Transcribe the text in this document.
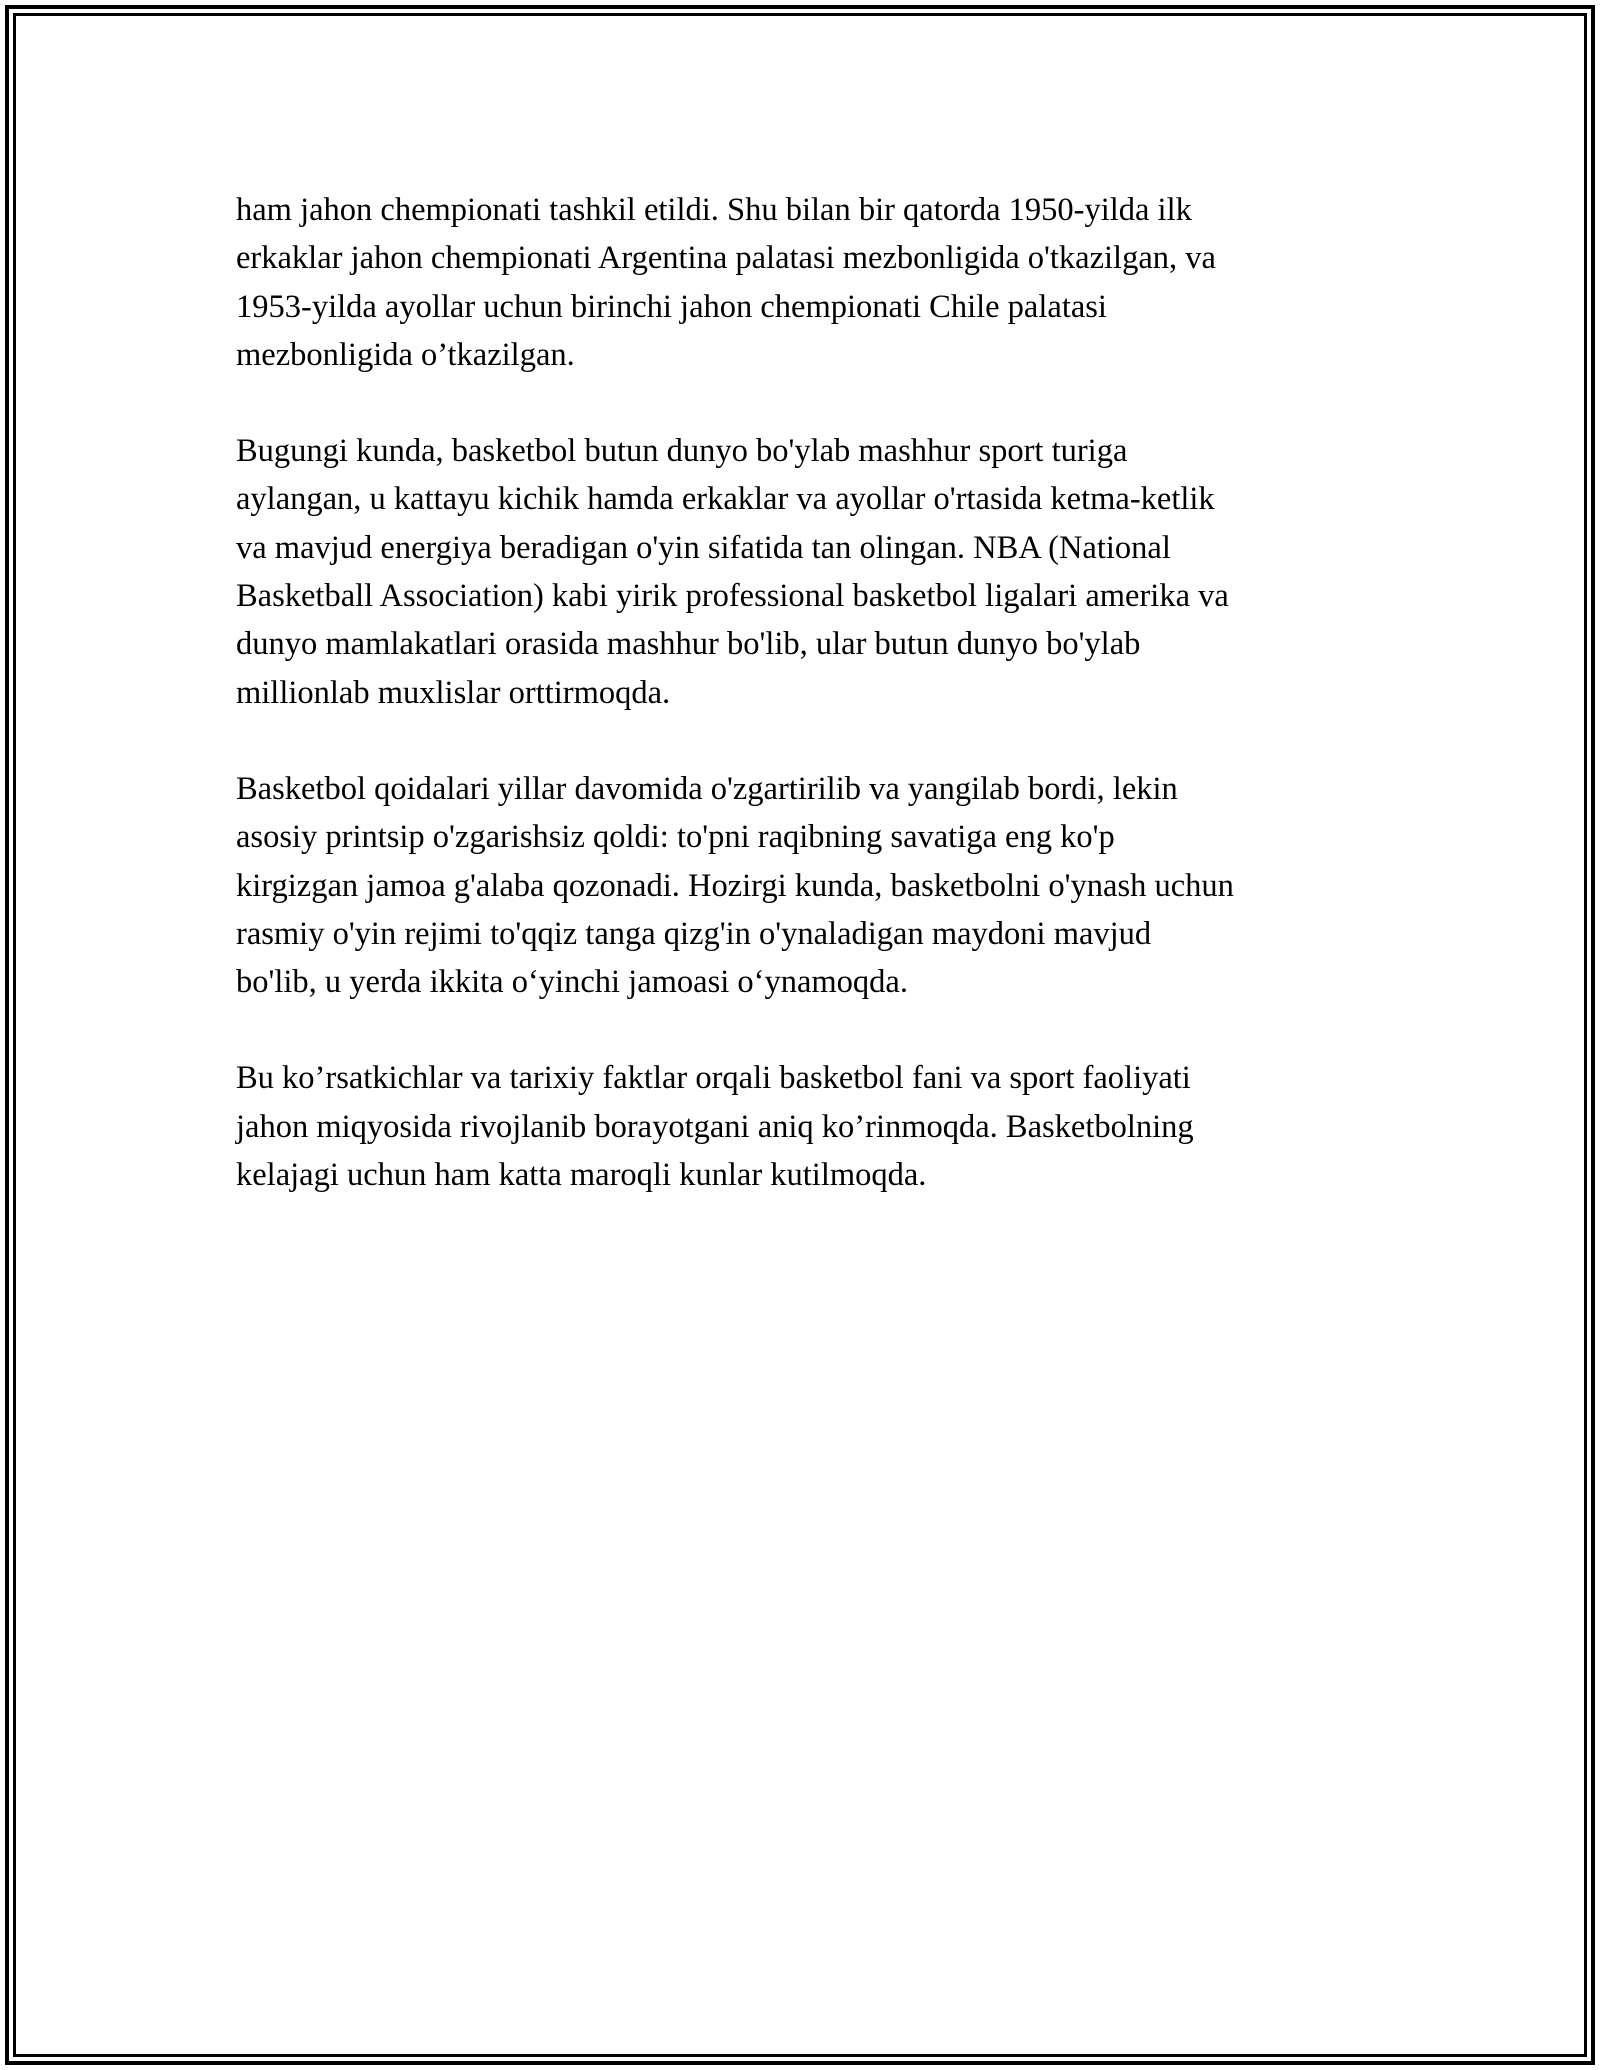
ham jahon chempionati tashkil etildi. Shu bilan bir qatorda 1950-yilda ilk
erkaklar jahon chempionati Argentina palatasi mezbonligida o'tkazilgan, va
1953-yilda ayollar uchun birinchi jahon chempionati Chile palatasi
mezbonligida o’tkazilgan.

Bugungi kunda, basketbol butun dunyo bo'ylab mashhur sport turiga
aylangan, u kattayu kichik hamda erkaklar va ayollar o'rtasida ketma-ketlik
va mavjud energiya beradigan o'yin sifatida tan olingan. NBA (National
Basketball Association) kabi yirik professional basketbol ligalari amerika va
dunyo mamlakatlari orasida mashhur bo'lib, ular butun dunyo bo'ylab
millionlab muxlislar orttirmoqda.

Basketbol qoidalari yillar davomida o'zgartirilib va yangilab bordi, lekin
asosiy printsip o'zgarishsiz qoldi: to'pni raqibning savatiga eng ko'p
kirgizgan jamoa g'alaba qozonadi. Hozirgi kunda, basketbolni o'ynash uchun
rasmiy o'yin rejimi to'qqiz tanga qizg'in o'ynaladigan maydoni mavjud
bo'lib, u yerda ikkita o‘yinchi jamoasi o‘ynamoqda.

Bu ko’rsatkichlar va tarixiy faktlar orqali basketbol fani va sport faoliyati
jahon miqyosida rivojlanib borayotgani aniq ko’rinmoqda. Basketbolning
kelajagi uchun ham katta maroqli kunlar kutilmoqda.
